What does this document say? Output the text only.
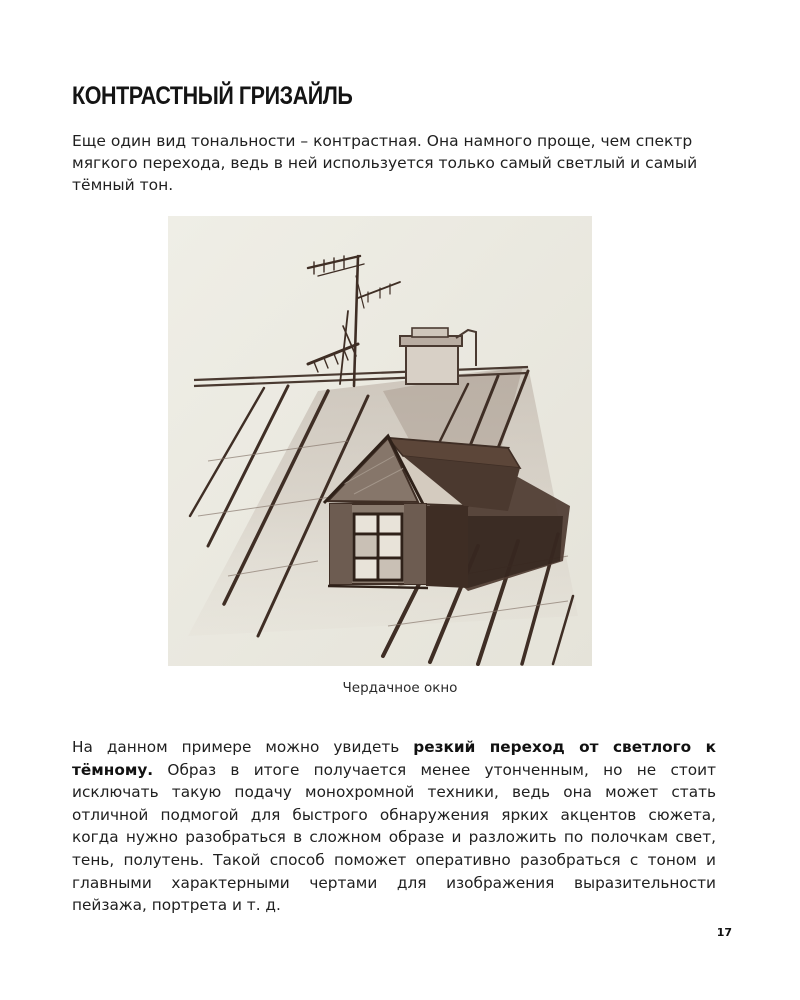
КОНТРАСТНЫЙ ГРИЗАЙЛЬ

Еще один вид тональности – контрастная. Она намного проще, чем спектр мягкого перехода, ведь в ней используется только самый светлый и самый тёмный тон.

Чердачное окно

На данном примере можно увидеть резкий переход от светлого к тёмному. Образ в итоге получается менее утонченным, но не стоит исключать такую подачу монохромной техники, ведь она может стать отличной подмогой для быстрого обнаружения ярких акцентов сюжета, когда нужно разобраться в сложном образе и разложить по полочкам свет, тень, полутень. Такой способ поможет оперативно разобраться с тоном и главными характерными чертами для изображения выразительности пейзажа, портрета и т. д.

17
